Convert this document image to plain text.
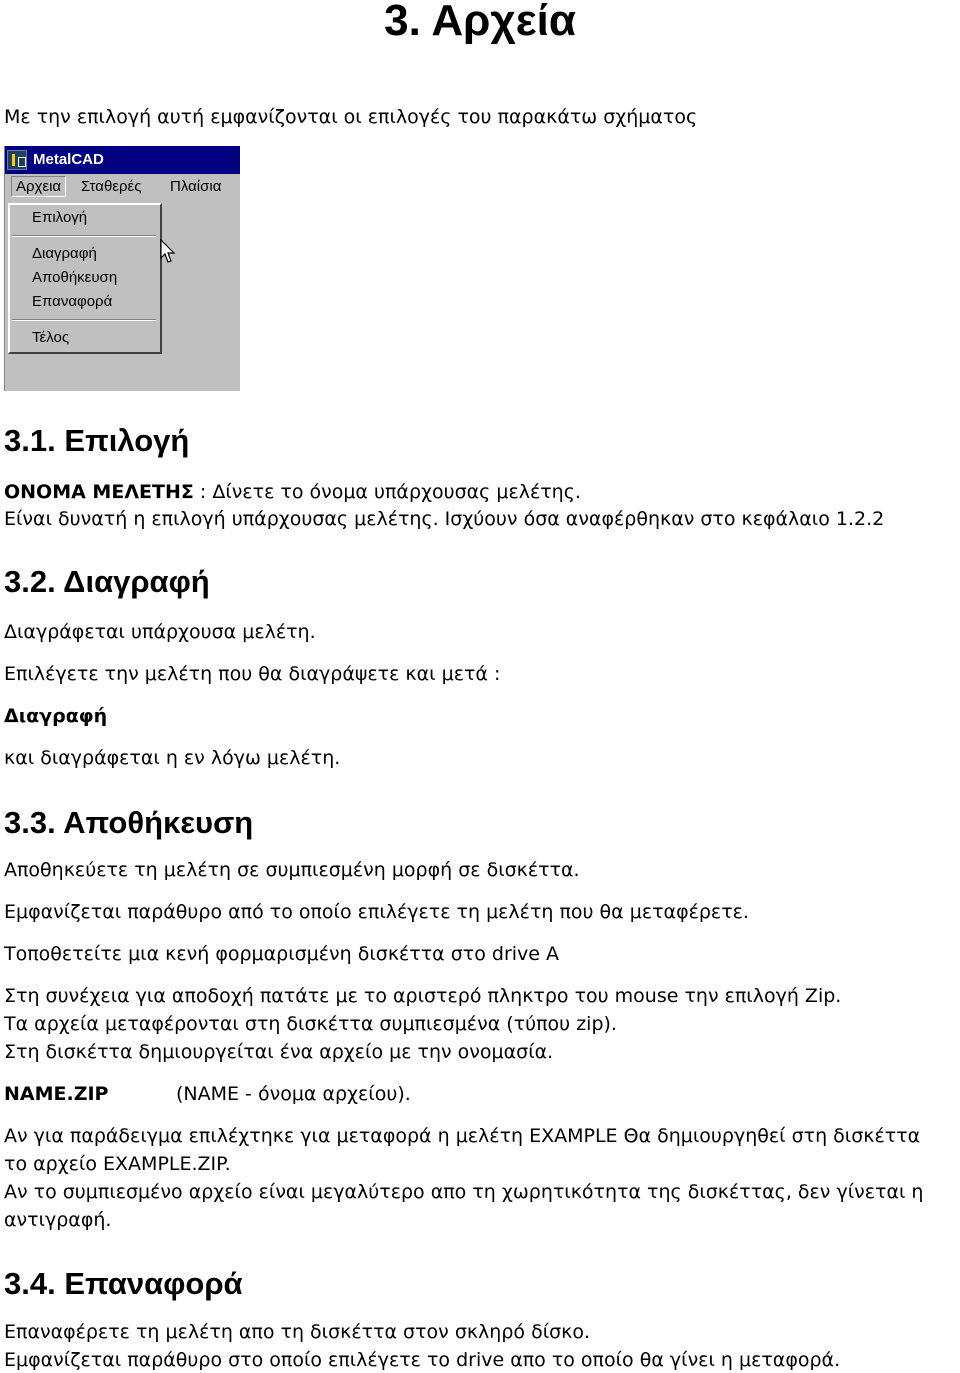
3. Αρχεία
Με την επιλογή αυτή εμφανίζονται οι επιλογές του παρακάτω σχήματος
MetalCAD
Αρχεια	Σταθερές Πλαίσια
Επιλογή
Διαγραφή
Αποθήκευση
Επαναφορά
Τέλος
3.1. Επιλογή
ΟΝΟΜΑ ΜΕΛΕΤΗΣ : Δίνετε το όνομα υπάρχουσας μελέτης.
Είναι δυνατή η επιλογή υπάρχουσας μελέτης. Ισχύουν όσα αναφέρθηκαν στο κεφάλαιο 1.2.2
3.2. Διαγραφή
Διαγράφεται υπάρχουσα μελέτη.
Επιλέγετε την μελέτη που θα διαγράψετε και μετά :
Διαγραφή
και διαγράφεται η εν λόγω μελέτη.
3.3. Αποθήκευση
Αποθηκεύετε τη μελέτη σε συμπιεσμένη μορφή σε δισκέττα.
Εμφανίζεται παράθυρο από το οποίο επιλέγετε τη μελέτη που θα μεταφέρετε.
Τοποθετείτε μια κενή φορμαρισμένη δισκέττα στο drive A
Στη συνέχεια για αποδοχή πατάτε με το αριστερό πληκτρο του mouse την επιλογή Zip.
Τα αρχεία μεταφέρονται στη δισκέττα συμπιεσμένα (τύπου zip).
Στη δισκέττα δημιουργείται ένα αρχείο με την ονομασία.
NAME.ZIP	(NAME - όνομα αρχείου).
Αν για παράδειγμα επιλέχτηκε για μεταφορά η μελέτη EXAMPLE Θα δημιουργηθεί στη δισκέττα
το αρχείο EXAMPLE.ZIP.
Αν το συμπιεσμένο αρχείο είναι μεγαλύτερο απο τη χωρητικότητα της δισκέττας, δεν γίνεται η
αντιγραφή.
3.4. Επαναφορά
Επαναφέρετε τη μελέτη απο τη δισκέττα στον σκληρό δίσκο.
Εμφανίζεται παράθυρο στο οποίο επιλέγετε το drive απο το οποίο θα γίνει η μεταφορά.
